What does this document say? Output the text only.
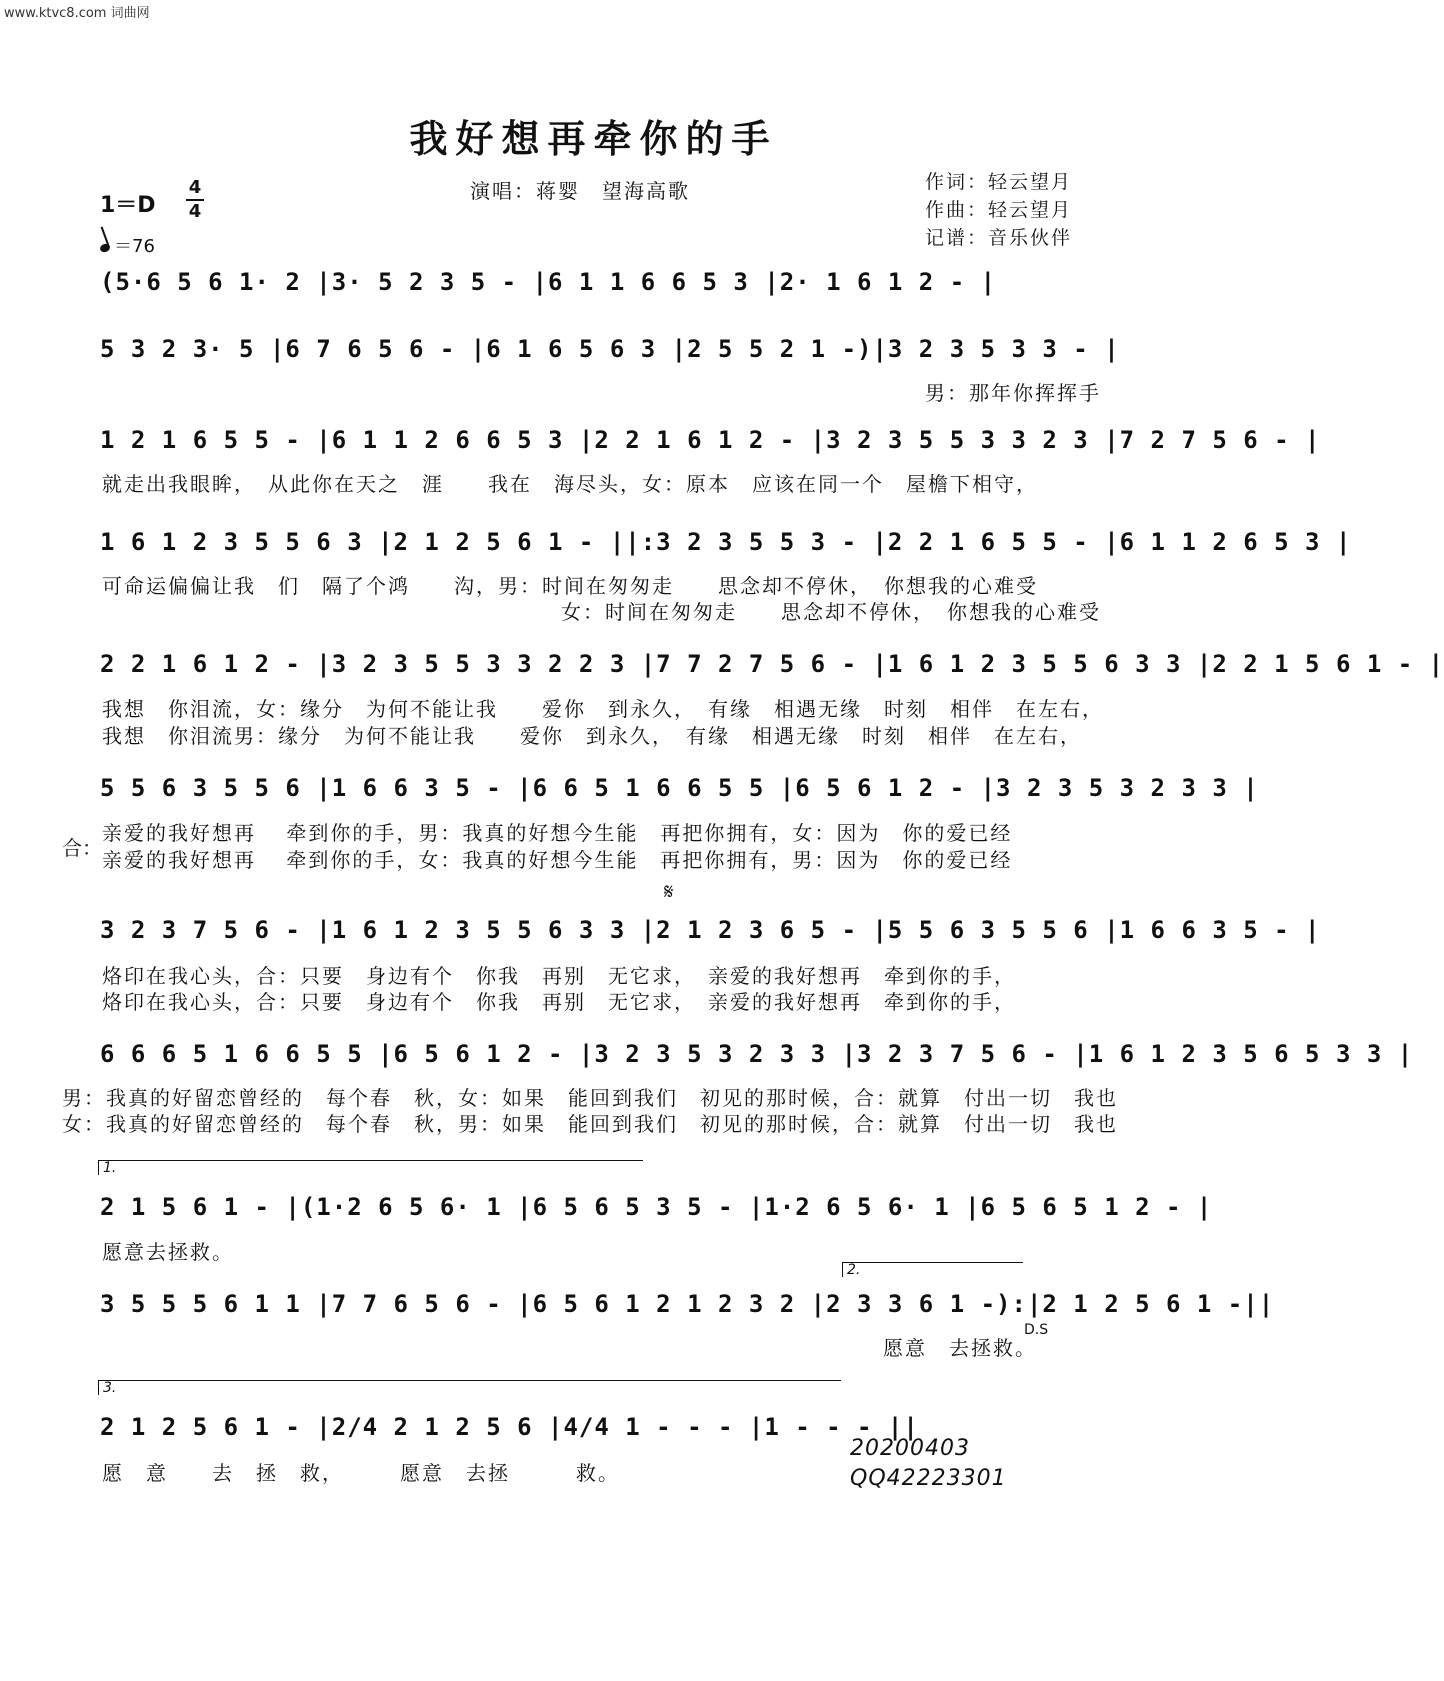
www.ktvc8.com 词曲网
我好想再牵你的手
1＝D
4
4
＝76
演唱：蒋婴　望海高歌	作词：轻云望月
作曲：轻云望月
记谱：音乐伙伴
(5·6 5 6 1· 2 |3· 5 2 3 5 - |6 1 1 6 6 5 3 |2· 1 6 1 2 - |
5 3 2 3· 5 |6 7 6 5 6 - |6 1 6 5 6 3 |2 5 5 2 1 -)|3 2 3 5 3 3 - |
男：那年你挥挥手
1 2 1 6 5 5 - |6 1 1 2 6 6 5 3 |2 2 1 6 1 2 - |3 2 3 5 5 3 3 2 3 |7 2 7 5 6 - |
就走出我眼眸，　从此你在天之　涯　　我在　海尽头，女：原本　应该在同一个　屋檐下相守，
1 6 1 2 3 5 5 6 3 |2 1 2 5 6 1 - ||:3 2 3 5 5 3 - |2 2 1 6 5 5 - |6 1 1 2 6 5 3 |
可命运偏偏让我　们　隔了个鸿　　沟，男：时间在匆匆走　　思念却不停休，　你想我的心难受
女：时间在匆匆走　　思念却不停休，　你想我的心难受
2 2 1 6 1 2 - |3 2 3 5 5 3 3 2 2 3 |7 7 2 7 5 6 - |1 6 1 2 3 5 5 6 3 3 |2 2 1 5 6 1 - |
我想　你泪流，女：缘分　为何不能让我　　爱你　到永久，　有缘　相遇无缘　时刻　相伴　在左右，
我想　你泪流男：缘分　为何不能让我　　爱你　到永久，　有缘　相遇无缘　时刻　相伴　在左右，
5 5 6 3 5 5 6 |1 6 6 3 5 - |6 6 5 1 6 6 5 5 |6 5 6 1 2 - |3 2 3 5 3 2 3 3 |
合：
亲爱的我好想再　 牵到你的手，男：我真的好想今生能　再把你拥有，女：因为　你的爱已经
亲爱的我好想再　 牵到你的手，女：我真的好想今生能　再把你拥有，男：因为　你的爱已经
𝄋
3 2 3 7 5 6 - |1 6 1 2 3 5 5 6 3 3 |2 1 2 3 6 5 - |5 5 6 3 5 5 6 |1 6 6 3 5 - |
烙印在我心头，合：只要　身边有个　你我　再别　无它求，　亲爱的我好想再　牵到你的手，
烙印在我心头，合：只要　身边有个　你我　再别　无它求，　亲爱的我好想再　牵到你的手，
6 6 6 5 1 6 6 5 5 |6 5 6 1 2 - |3 2 3 5 3 2 3 3 |3 2 3 7 5 6 - |1 6 1 2 3 5 6 5 3 3 |
男：我真的好留恋曾经的　每个春　秋，女：如果　能回到我们　初见的那时候，合：就算　付出一切　我也
女：我真的好留恋曾经的　每个春　秋，男：如果　能回到我们　初见的那时候，合：就算　付出一切　我也
1.
2 1 5 6 1 - |(1·2 6 5 6· 1 |6 5 6 5 3 5 - |1·2 6 5 6· 1 |6 5 6 5 1 2 - |
愿意去拯救。
2.
3 5 5 5 6 1 1 |7 7 6 5 6 - |6 5 6 1 2 1 2 3 2 |2 3 3 6 1 -):|2 1 2 5 6 1 -||
愿意　去拯救。
D.S
3.
2 1 2 5 6 1 - |2/4 2 1 2 5 6 |4/4 1 - - - |1 - - - ||
愿　意　　去　拯　救，　　　愿意　去拯　　　救。
20200403
QQ42223301
